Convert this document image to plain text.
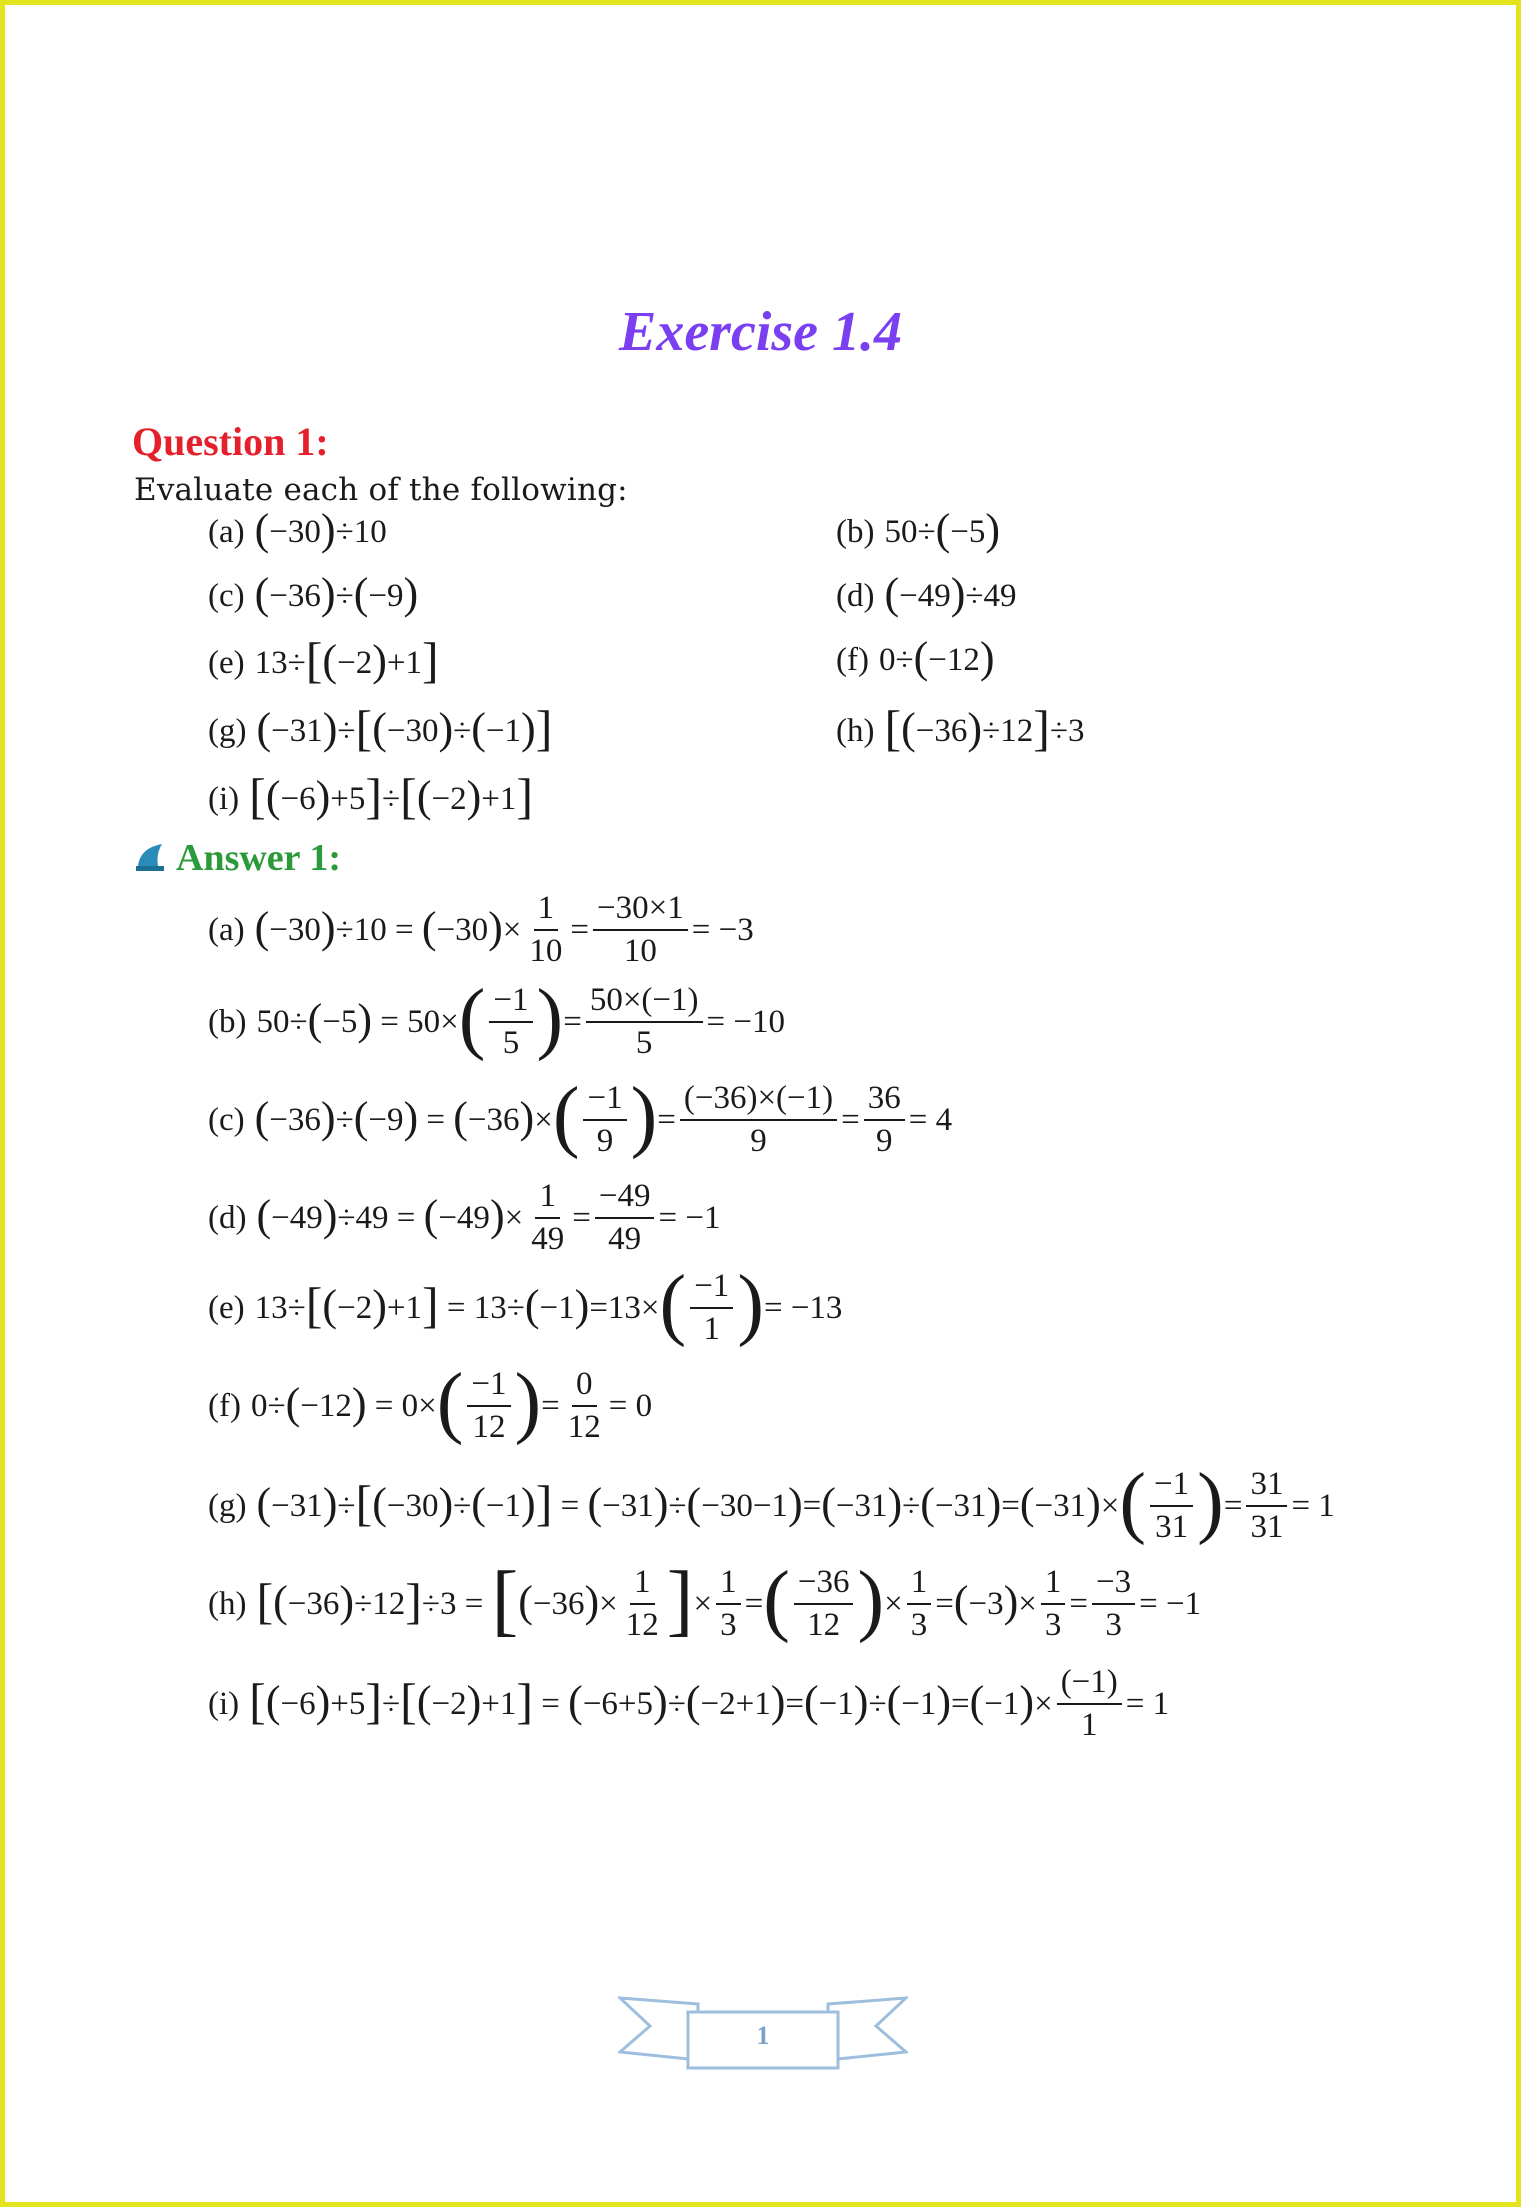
Exercise 1.4
Question 1:
Evaluate each of the following:
(a) ( −30 ) ÷10	(b) 50÷ ( −5 )
(c) ( −36 ) ÷ ( −9 )	(d) ( −49 ) ÷49
(e) 13÷ [ ( −2 ) +1 ]	(f) 0÷ ( −12 )
(g) ( −31 ) ÷ [ ( −30 ) ÷ ( −1 ) ]	(h) [ ( −36 ) ÷12 ] ÷3
(i) [ ( −6 ) +5 ] ÷ [ ( −2 ) +1 ]
Answer 1:
(a) ( −30 ) ÷10 = ( −30 ) × $\frac{1}{10} = \frac{-30\times 1}{10} = -3$
(b) 50÷ ( −5 ) = 50× ( $\frac{-1}{5}$ ) = $\frac{50\times(-1)}{5} = -10$
(c) ( −36 ) ÷ ( −9 ) = ( −36 ) × ( $\frac{-1}{9}$ ) = $\frac{(-36)\times(-1)}{9} = \frac{36}{9} = 4$
(d) ( −49 ) ÷49 = ( −49 ) × $\frac{1}{49} = \frac{-49}{49} = -1$
(e) 13÷ [ ( −2 ) +1 ] = 13÷ ( −1 ) =13× ( $\frac{-1}{1}$ ) = −13
(f) 0÷ ( −12 ) = 0× ( $\frac{-1}{12}$ ) = $\frac{0}{12} = 0$
(g) ( −31 ) ÷ [ ( −30 ) ÷ ( −1 ) ] = ( −31 ) ÷ ( −30−1 ) = ( −31 ) ÷ ( −31 ) = ( −31 ) × ( $\frac{-1}{31}$ ) = $\frac{31}{31} = 1$
(h) [ ( −36 ) ÷12 ] ÷3 = [ ( −36 ) × $\frac{1}{12}$ ] × $\frac{1}{3}$ = ( $\frac{-36}{12}$ ) × $\frac{1}{3}$ = ( −3 ) × $\frac{1}{3} = \frac{-3}{3} = -1$
(i) [ ( −6 ) +5 ] ÷ [ ( −2 ) +1 ] = ( −6+5 ) ÷ ( −2+1 ) = ( −1 ) ÷ ( −1 ) = ( −1 ) × $\frac{(-1)}{1} = 1$
1
